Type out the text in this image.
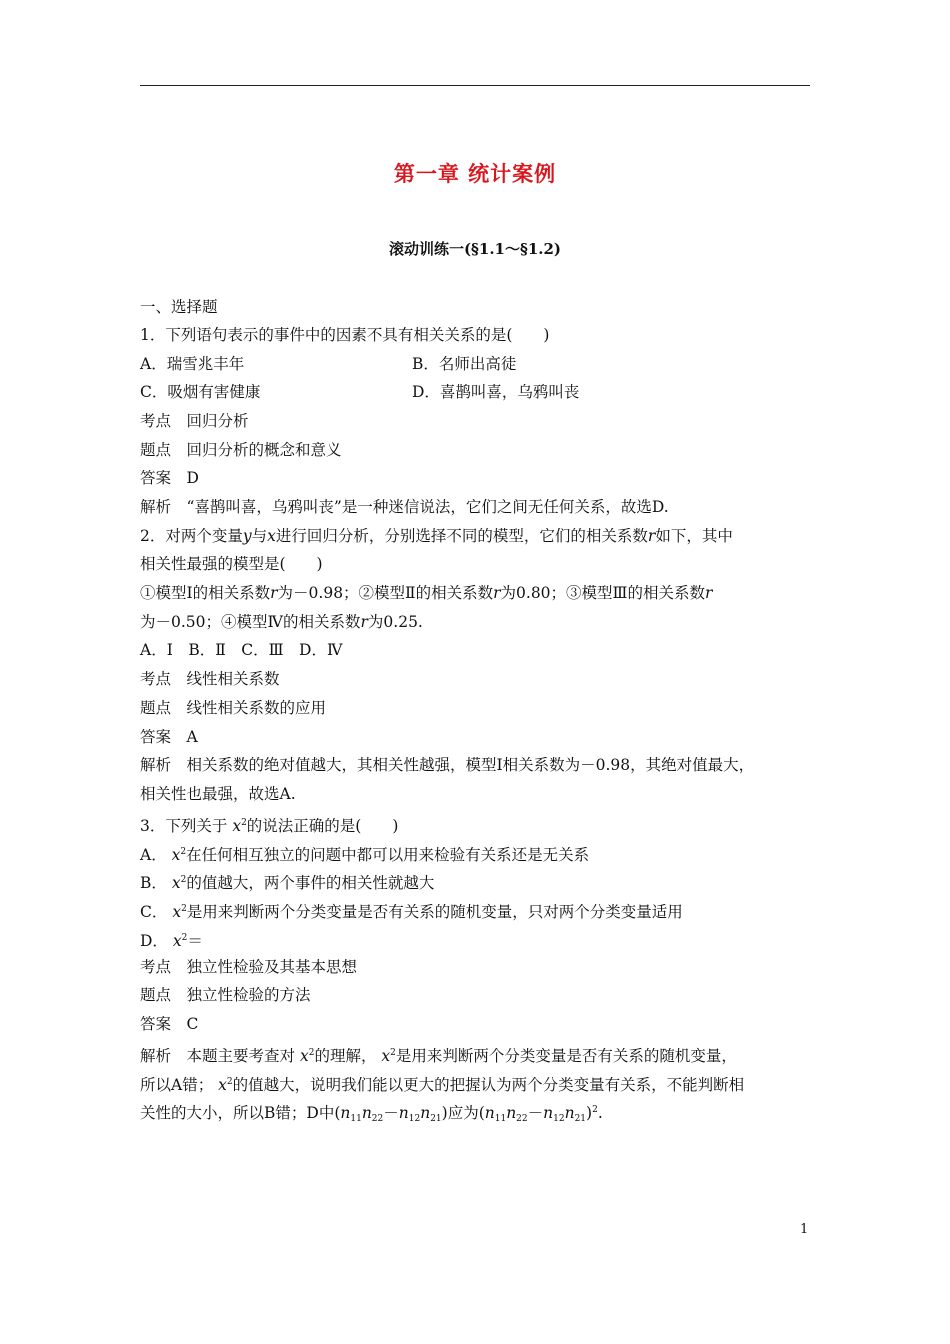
第一章 统计案例
滚动训练一(§1.1～§1.2)
一、选择题
1．下列语句表示的事件中的因素不具有相关关系的是(　　)
A．瑞雪兆丰年	B．名师出高徒
C．吸烟有害健康	D．喜鹊叫喜，乌鸦叫丧
考点　回归分析
题点　回归分析的概念和意义
答案　D
解析　“喜鹊叫喜，乌鸦叫丧”是一种迷信说法，它们之间无任何关系，故选D.
2．对两个变量y与x进行回归分析，分别选择不同的模型，它们的相关系数r如下，其中
相关性最强的模型是(　　)
①模型Ⅰ的相关系数r为－0.98；②模型Ⅱ的相关系数r为0.80；③模型Ⅲ的相关系数r
为－0.50；④模型Ⅳ的相关系数r为0.25.
A．Ⅰ　B．Ⅱ　C．Ⅲ　D．Ⅳ
考点　线性相关系数
题点　线性相关系数的应用
答案　A
解析　相关系数的绝对值越大，其相关性越强，模型Ⅰ相关系数为－0.98，其绝对值最大，
相关性也最强，故选A.
3．下列关于 $x^2$的说法正确的是(　　)
A． $x^2$在任何相互独立的问题中都可以用来检验有关系还是无关系
B． $x^2$的值越大，两个事件的相关性就越大
C． $x^2$是用来判断两个分类变量是否有关系的随机变量，只对两个分类变量适用
D． $x^2=$
考点　独立性检验及其基本思想
题点　独立性检验的方法
答案　C
解析　本题主要考查对 $x^2$的理解， $x^2$是用来判断两个分类变量是否有关系的随机变量，
所以A错； $x^2$的值越大，说明我们能以更大的把握认为两个分类变量有关系，不能判断相
关性的大小，所以B错；D中$(n_{11}n_{22}-n_{12}n_{21})$应为$(n_{11}n_{22}-n_{12}n_{21})^2$.
1
